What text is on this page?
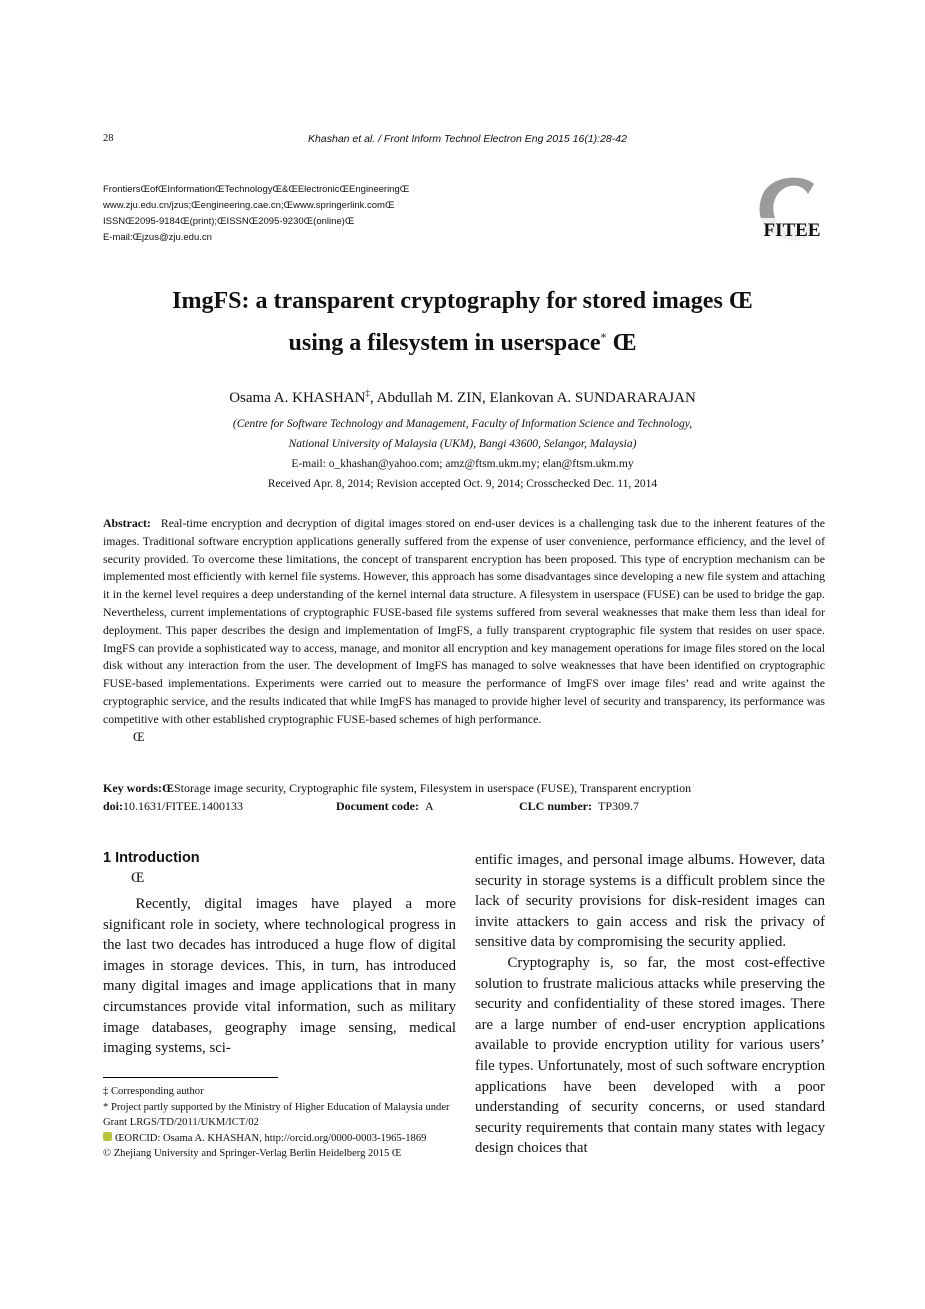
28	Khashan et al. / Front Inform Technol Electron Eng 2015 16(1):28-42
FrontiersŒofŒInformationŒTechnologyŒ&ŒElectronicŒEngineeringŒ
www.zju.edu.cn/jzus;Œengineering.cae.cn;Œwww.springerlink.comŒ
ISSNŒ2095-9184Œ(print);ŒISSNŒ2095-9230Œ(online)Œ
E-mail:Œjzus@zju.edu.cn	FITEE
ImgFS: a transparent cryptography for stored images Œ
using a filesystem in userspace* Œ
Osama A. KHASHAN‡, Abdullah M. ZIN, Elankovan A. SUNDARARAJAN
(Centre for Software Technology and Management, Faculty of Information Science and Technology,
National University of Malaysia (UKM), Bangi 43600, Selangor, Malaysia)
E-mail: o_khashan@yahoo.com; amz@ftsm.ukm.my; elan@ftsm.ukm.my
Received Apr. 8, 2014; Revision accepted Oct. 9, 2014; Crosschecked Dec. 11, 2014
Abstract: Real-time encryption and decryption of digital images stored on end-user devices is a challenging task due to the inherent features of the images. Traditional software encryption applications generally suffered from the expense of user convenience, performance efficiency, and the level of security provided. To overcome these limitations, the concept of transparent encryption has been proposed. This type of encryption mechanism can be implemented most efficiently with kernel file systems. However, this approach has some disadvantages since developing a new file system and attaching it in the kernel level requires a deep understanding of the kernel internal data structure. A filesystem in userspace (FUSE) can be used to bridge the gap. Nevertheless, current implementations of cryptographic FUSE-based file systems suffered from several weaknesses that make them less than ideal for deployment. This paper describes the design and implementation of ImgFS, a fully transparent cryptographic file system that resides on user space. ImgFS can provide a sophisticated way to access, manage, and monitor all encryption and key management operations for image files stored on the local disk without any interaction from the user. The development of ImgFS has managed to solve weaknesses that have been identified on cryptographic FUSE-based implementations. Experiments were carried out to measure the performance of ImgFS over image files’ read and write against the cryptographic service, and the results indicated that while ImgFS has managed to provide higher level of security and transparency, its performance was competitive with other established cryptographic FUSE-based schemes of high performance.
Œ
Key words:ŒStorage image security, Cryptographic file system, Filesystem in userspace (FUSE), Transparent encryption
doi:10.1631/FITEE.1400133	Document code: A	CLC number: TP309.7
1 Introduction
Œ
Recently, digital images have played a more significant role in society, where technological progress in the last two decades has introduced a huge flow of digital images in storage devices. This, in turn, has introduced many digital images and image applications that in many circumstances provide vital information, such as military image databases, geography image sensing, medical imaging systems, sci-
‡ Corresponding author
* Project partly supported by the Ministry of Higher Education of Malaysia under Grant LRGS/TD/2011/UKM/ICT/02
ŒORCID: Osama A. KHASHAN, http://orcid.org/0000-0003-1965-1869
© Zhejiang University and Springer-Verlag Berlin Heidelberg 2015 Œ
entific images, and personal image albums. However, data security in storage systems is a difficult problem since the lack of security provisions for disk-resident images can invite attackers to gain access and risk the privacy of sensitive data by compromising the security applied.
Cryptography is, so far, the most cost-effective solution to frustrate malicious attacks while preserving the security and confidentiality of these stored images. There are a large number of end-user encryption applications available to provide encryption utility for various users’ file types. Unfortunately, most of such software encryption applications have been developed with a poor understanding of security concerns, or used standard security requirements that contain many states with legacy design choices that
